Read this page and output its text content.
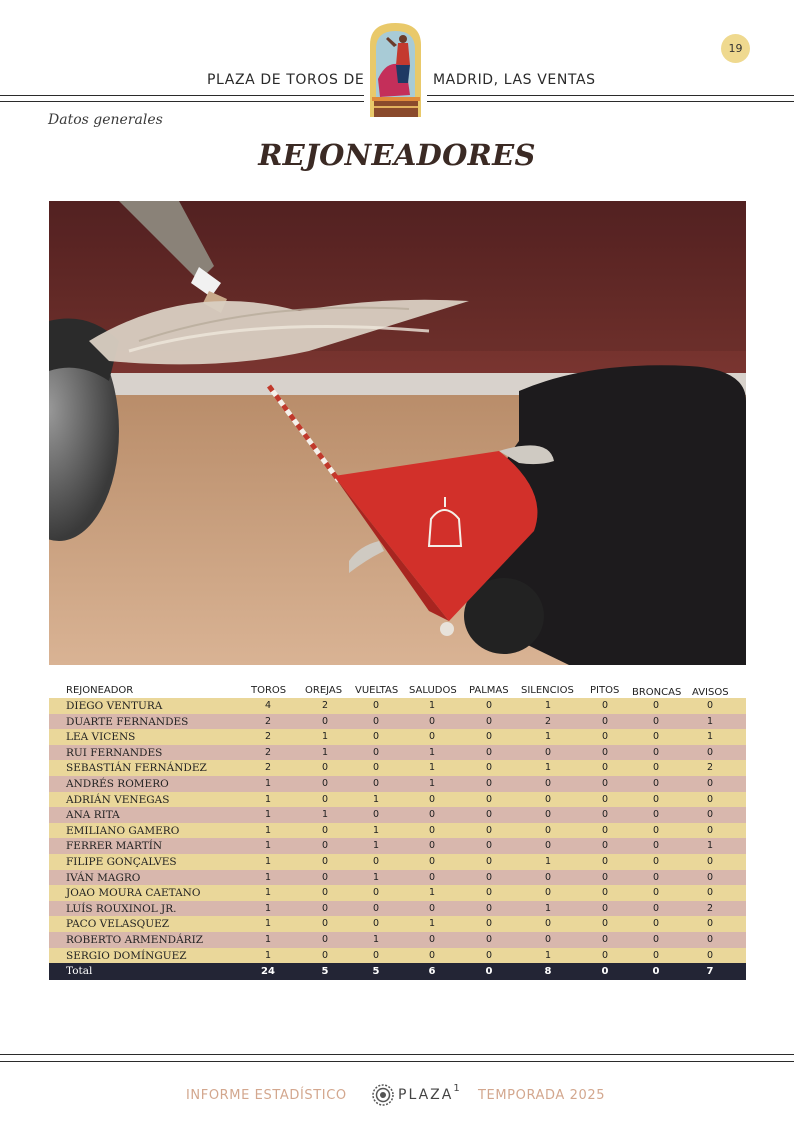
PLAZA DE TOROS DE	MADRID, LAS VENTAS
19
Datos generales
REJONEADORES
REJONEADOR	TOROS OREJAS VUELTAS SALUDOS PALMAS SILENCIOS PITOS BRONCAS AVISOS
DIEGO VENTURA	4	2	0	1	0	1	0	0	0
DUARTE FERNANDES	2	0	0	0	0	2	0	0	1
LEA VICENS	2	1	0	0	0	1	0	0	1
RUI FERNANDES	2	1	0	1	0	0	0	0	0
SEBASTIÁN FERNÁNDEZ	2	0	0	1	0	1	0	0	2
ANDRÉS ROMERO	1	0	0	1	0	0	0	0	0
ADRIÁN VENEGAS	1	0	1	0	0	0	0	0	0
ANA RITA	1	1	0	0	0	0	0	0	0
EMILIANO GAMERO	1	0	1	0	0	0	0	0	0
FERRER MARTÍN	1	0	1	0	0	0	0	0	1
FILIPE GONÇALVES	1	0	0	0	0	1	0	0	0
IVÁN MAGRO	1	0	1	0	0	0	0	0	0
JOAO MOURA CAETANO	1	0	0	1	0	0	0	0	0
LUÍS ROUXINOL JR.	1	0	0	0	0	1	0	0	2
PACO VELASQUEZ	1	0	0	1	0	0	0	0	0
ROBERTO ARMENDÁRIZ	1	0	1	0	0	0	0	0	0
SERGIO DOMÍNGUEZ	1	0	0	0	0	1	0	0	0
Total	24	5	5	6	0	8	0	0	7
INFORME ESTADÍSTICO	PLAZA 1 TEMPORADA 2025
